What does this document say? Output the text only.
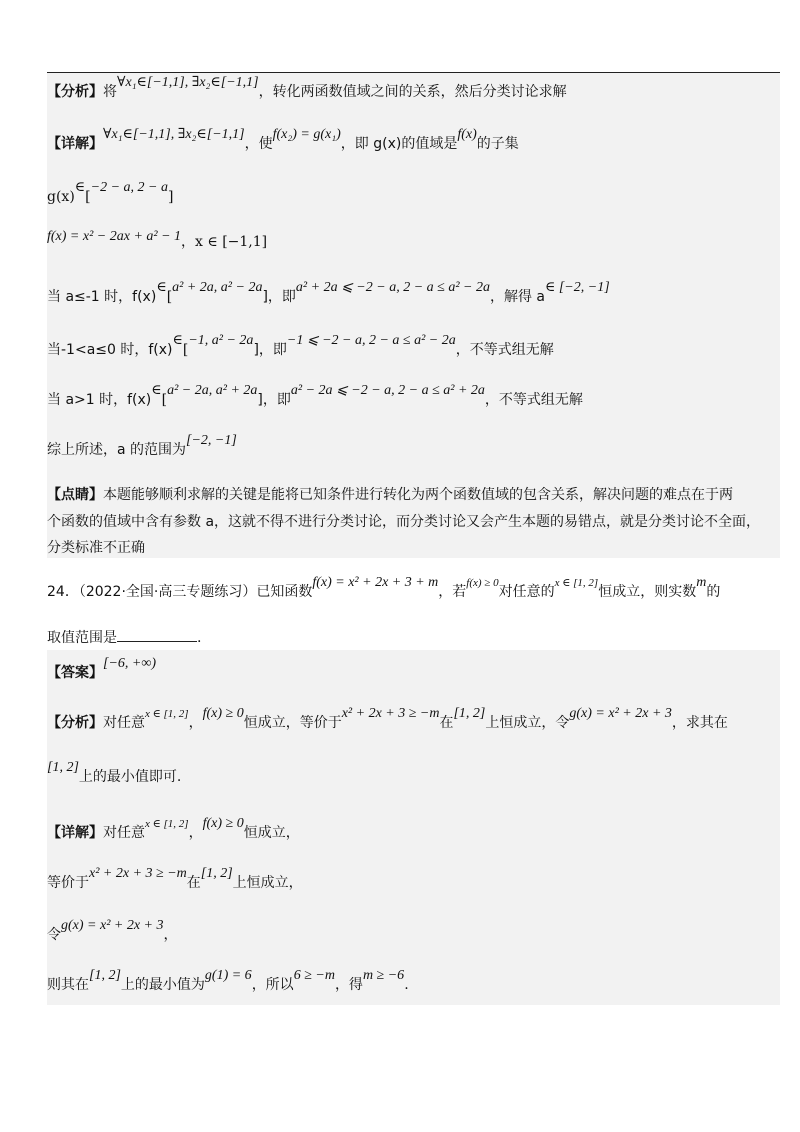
【分析】将∀x₁∈[−1,1], ∃x₂∈[−1,1]，转化两函数值域之间的关系，然后分类讨论求解
【详解】∀x₁∈[−1,1], ∃x₂∈[−1,1]，使f(x₂) = g(x₁)，即 g(x)的值域是f(x)的子集
g(x)∈[−2 − a, 2 − a]
f(x) = x² − 2ax + a² − 1，x ∈ [−1,1]
当 a≤-1 时，f(x)∈[a² + 2a, a² − 2a]，即a² + 2a ⩽ −2 − a, 2 − a ≤ a² − 2a，解得 a∈ [−2, −1]
当-1<a≤0 时，f(x)∈[−1, a² − 2a]，即−1 ⩽ −2 − a, 2 − a ≤ a² − 2a，不等式组无解
当 a>1 时，f(x)∈[a² − 2a, a² + 2a]，即a² − 2a ⩽ −2 − a, 2 − a ≤ a² + 2a，不等式组无解
综上所述，a 的范围为[−2, −1]
【点睛】本题能够顺利求解的关键是能将已知条件进行转化为两个函数值域的包含关系，解决问题的难点在于两
个函数的值域中含有参数 a，这就不得不进行分类讨论，而分类讨论又会产生本题的易错点，就是分类讨论不全面，
分类标准不正确
24．（2022·全国·高三专题练习）已知函数f(x) = x² + 2x + 3 + m，若$^{f(x) \ge 0}$对任意的$^{x \in [1, 2]}$恒成立，则实数m的
取值范围是	.
【答案】[−6, +∞)
【分析】对任意$^{x \in [1, 2]}$，f(x) ≥ 0恒成立，等价于x² + 2x + 3 ≥ −m在[1, 2]上恒成立，令g(x) = x² + 2x + 3，求其在
[1, 2]上的最小值即可.
【详解】对任意$^{x \in [1, 2]}$，f(x) ≥ 0恒成立，
等价于x² + 2x + 3 ≥ −m在[1, 2]上恒成立，
令g(x) = x² + 2x + 3，
则其在[1, 2]上的最小值为g(1) = 6，所以6 ≥ −m，得m ≥ −6.
